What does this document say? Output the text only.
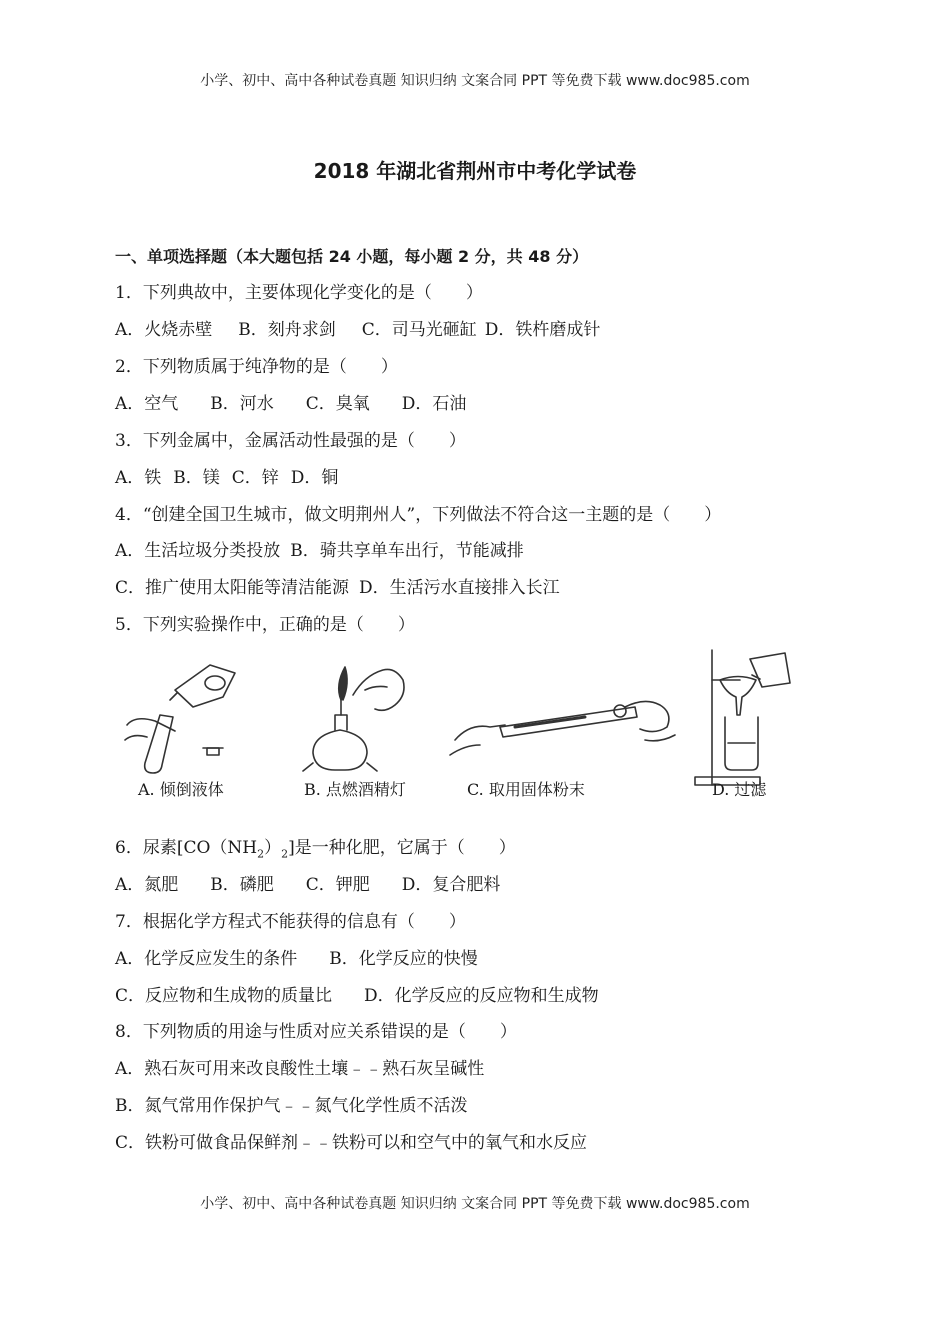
小学、初中、高中各种试卷真题 知识归纳 文案合同 PPT 等免费下载 www.doc985.com
2018 年湖北省荆州市中考化学试卷
一、单项选择题（本大题包括 24 小题，每小题 2 分，共 48 分）
1．下列典故中，主要体现化学变化的是（　　）
A．火烧赤壁 B．刻舟求剑 C．司马光砸缸 D．铁杵磨成针
2．下列物质属于纯净物的是（　　）
A．空气 B．河水 C．臭氧 D．石油
3．下列金属中，金属活动性最强的是（　　）
A．铁 B．镁 C．锌 D．铜
4．“创建全国卫生城市，做文明荆州人”，下列做法不符合这一主题的是（　　）
A．生活垃圾分类投放 B．骑共享单车出行，节能减排
C．推广使用太阳能等清洁能源 D．生活污水直接排入长江
5．下列实验操作中，正确的是（　　）
A. 倾倒液体	B. 点燃酒精灯	C. 取用固体粉末	D. 过滤
6．尿素$[CO(NH_2)_2]$是一种化肥，它属于（　　）
A．氮肥 B．磷肥 C．钾肥 D．复合肥料
7．根据化学方程式不能获得的信息有（　　）
A．化学反应发生的条件 B．化学反应的快慢
C．反应物和生成物的质量比 D．化学反应的反应物和生成物
8．下列物质的用途与性质对应关系错误的是（　　）
A．熟石灰可用来改良酸性土壤﹣﹣熟石灰呈碱性
B．氮气常用作保护气﹣﹣氮气化学性质不活泼
C．铁粉可做食品保鲜剂﹣﹣铁粉可以和空气中的氧气和水反应
小学、初中、高中各种试卷真题 知识归纳 文案合同 PPT 等免费下载 www.doc985.com
